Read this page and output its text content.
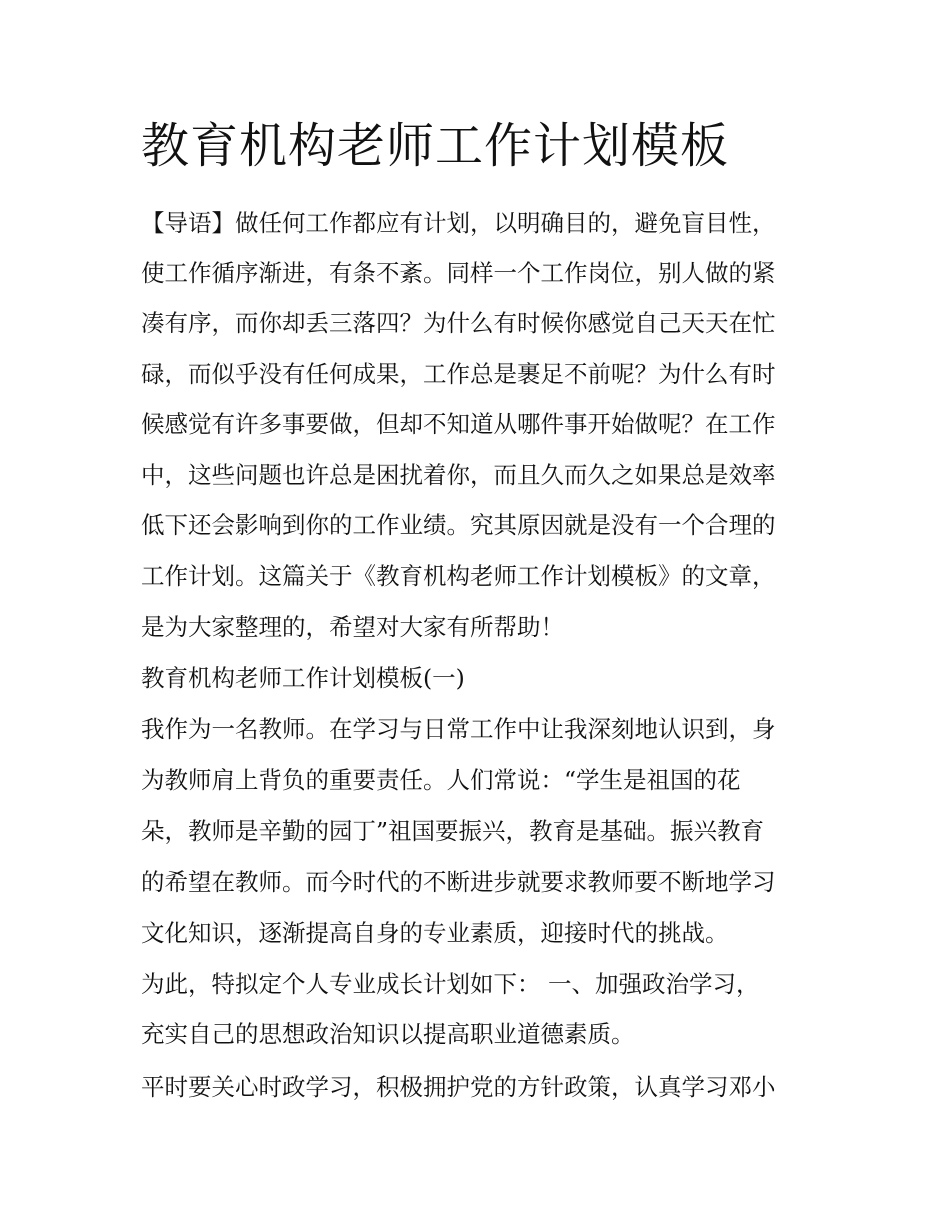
教育机构老师工作计划模板
【导语】做任何工作都应有计划，以明确目的，避免盲目性，
使工作循序渐进，有条不紊。同样一个工作岗位，别人做的紧
凑有序，而你却丢三落四？为什么有时候你感觉自己天天在忙
碌，而似乎没有任何成果，工作总是裹足不前呢？为什么有时
候感觉有许多事要做，但却不知道从哪件事开始做呢？在工作
中，这些问题也许总是困扰着你，而且久而久之如果总是效率
低下还会影响到你的工作业绩。究其原因就是没有一个合理的
工作计划。这篇关于《教育机构老师工作计划模板》的文章，
是为大家整理的，希望对大家有所帮助！
教育机构老师工作计划模板(一)
我作为一名教师。在学习与日常工作中让我深刻地认识到，身
为教师肩上背负的重要责任。人们常说：“学生是祖国的花
朵，教师是辛勤的园丁”祖国要振兴，教育是基础。振兴教育
的希望在教师。而今时代的不断进步就要求教师要不断地学习
文化知识，逐渐提高自身的专业素质，迎接时代的挑战。
为此，特拟定个人专业成长计划如下： 一、加强政治学习，
充实自己的思想政治知识以提高职业道德素质。
平时要关心时政学习，积极拥护党的方针政策，认真学习邓小
